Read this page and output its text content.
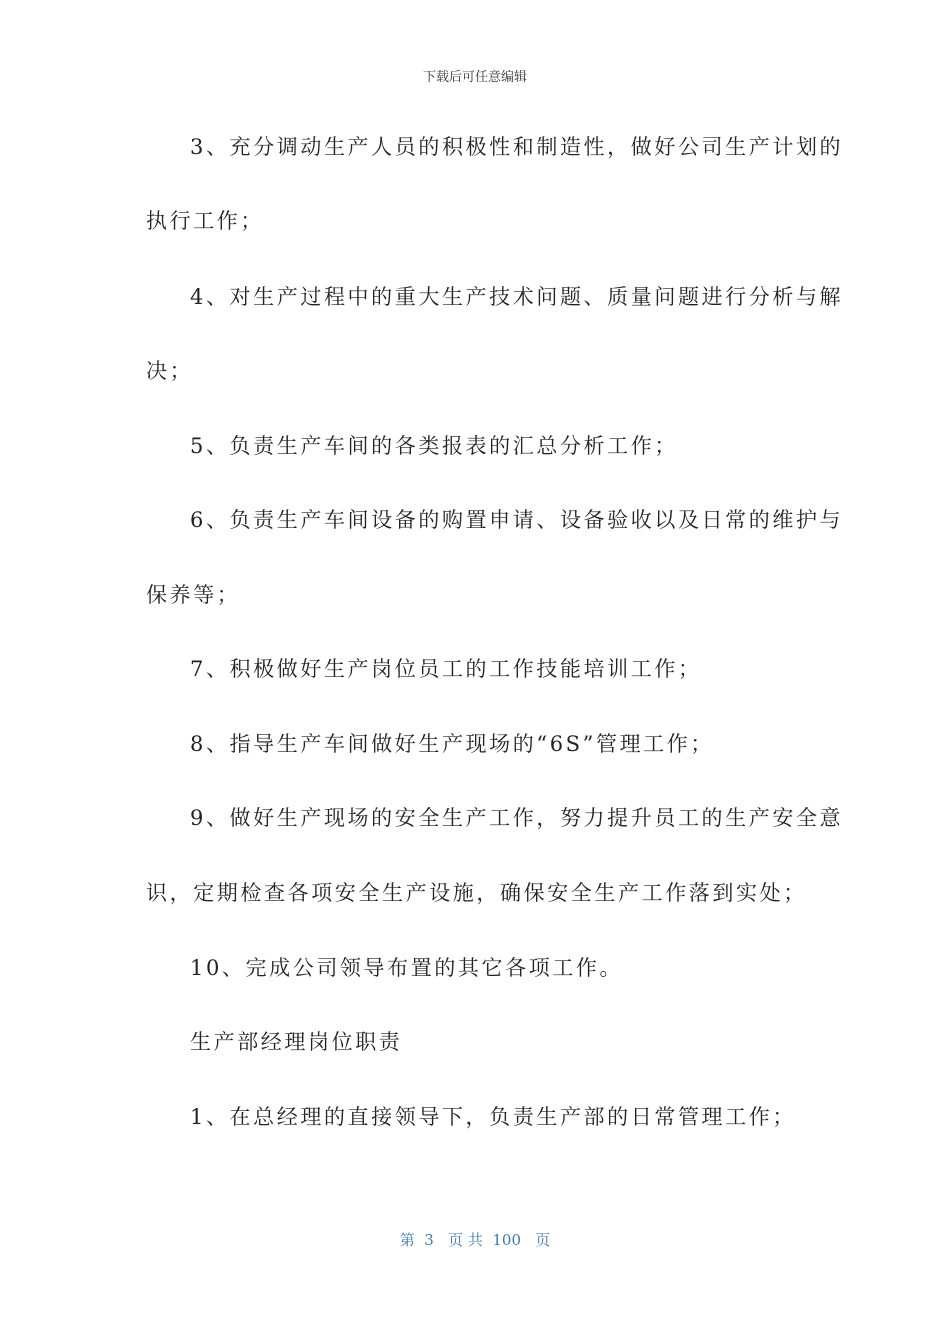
下载后可任意编辑
3、充分调动生产人员的积极性和制造性，做好公司生产计划的
执行工作；
4、对生产过程中的重大生产技术问题、质量问题进行分析与解
决；
5、负责生产车间的各类报表的汇总分析工作；
6、负责生产车间设备的购置申请、设备验收以及日常的维护与
保养等；
7、积极做好生产岗位员工的工作技能培训工作；
8、指导生产车间做好生产现场的“6S”管理工作；
9、做好生产现场的安全生产工作，努力提升员工的生产安全意
识，定期检查各项安全生产设施，确保安全生产工作落到实处；
10、完成公司领导布置的其它各项工作。
生产部经理岗位职责
1、在总经理的直接领导下，负责生产部的日常管理工作；
第  3   页 共  100   页
